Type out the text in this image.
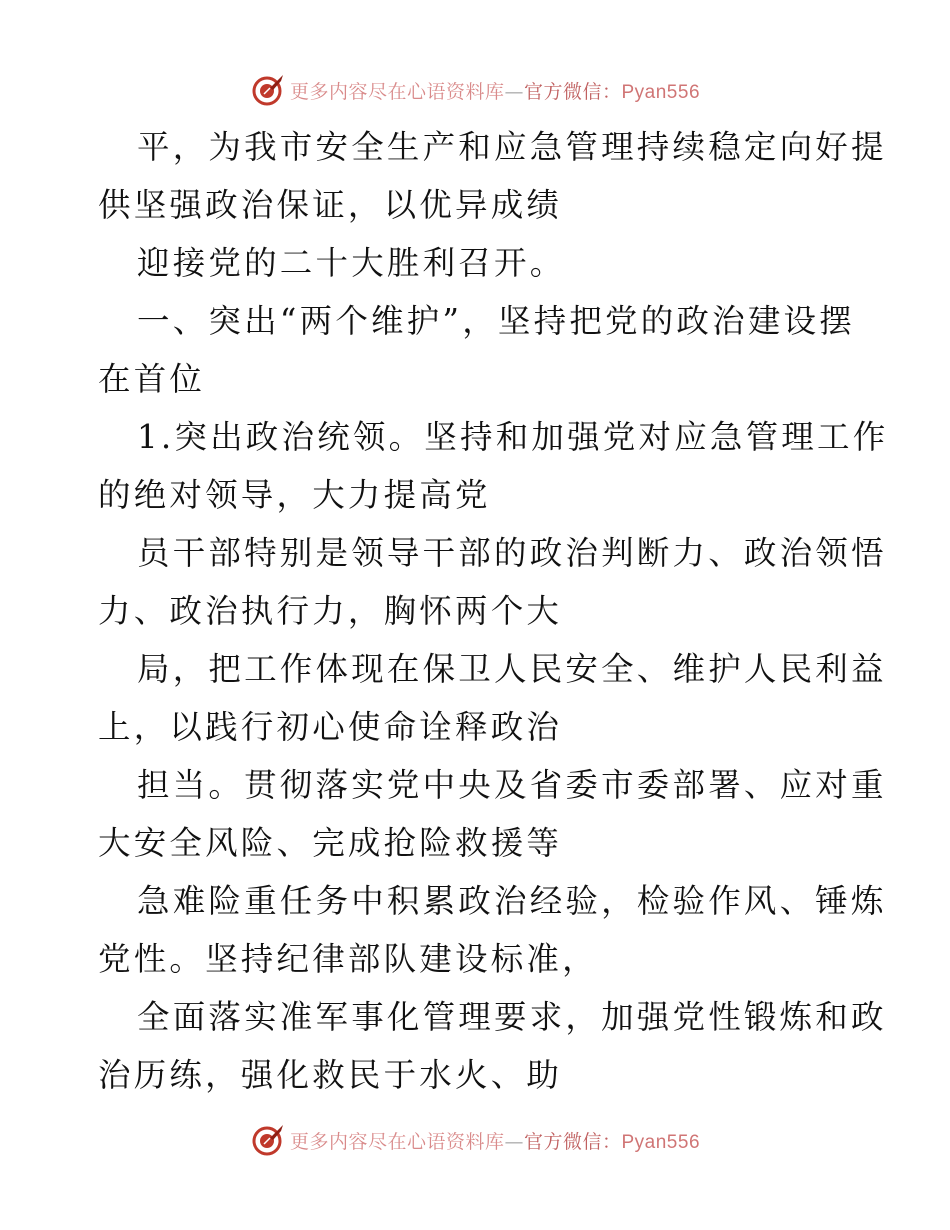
更多内容尽在心语资料库—官方微信：Pyan556
平，为我市安全生产和应急管理持续稳定向好提
供坚强政治保证，以优异成绩
迎接党的二十大胜利召开。
一、突出“两个维护”，坚持把党的政治建设摆
在首位
1.突出政治统领。坚持和加强党对应急管理工作
的绝对领导，大力提高党
员干部特别是领导干部的政治判断力、政治领悟
力、政治执行力，胸怀两个大
局，把工作体现在保卫人民安全、维护人民利益
上，以践行初心使命诠释政治
担当。贯彻落实党中央及省委市委部署、应对重
大安全风险、完成抢险救援等
急难险重任务中积累政治经验，检验作风、锤炼
党性。坚持纪律部队建设标准，
全面落实准军事化管理要求，加强党性锻炼和政
治历练，强化救民于水火、助
更多内容尽在心语资料库—官方微信：Pyan556
